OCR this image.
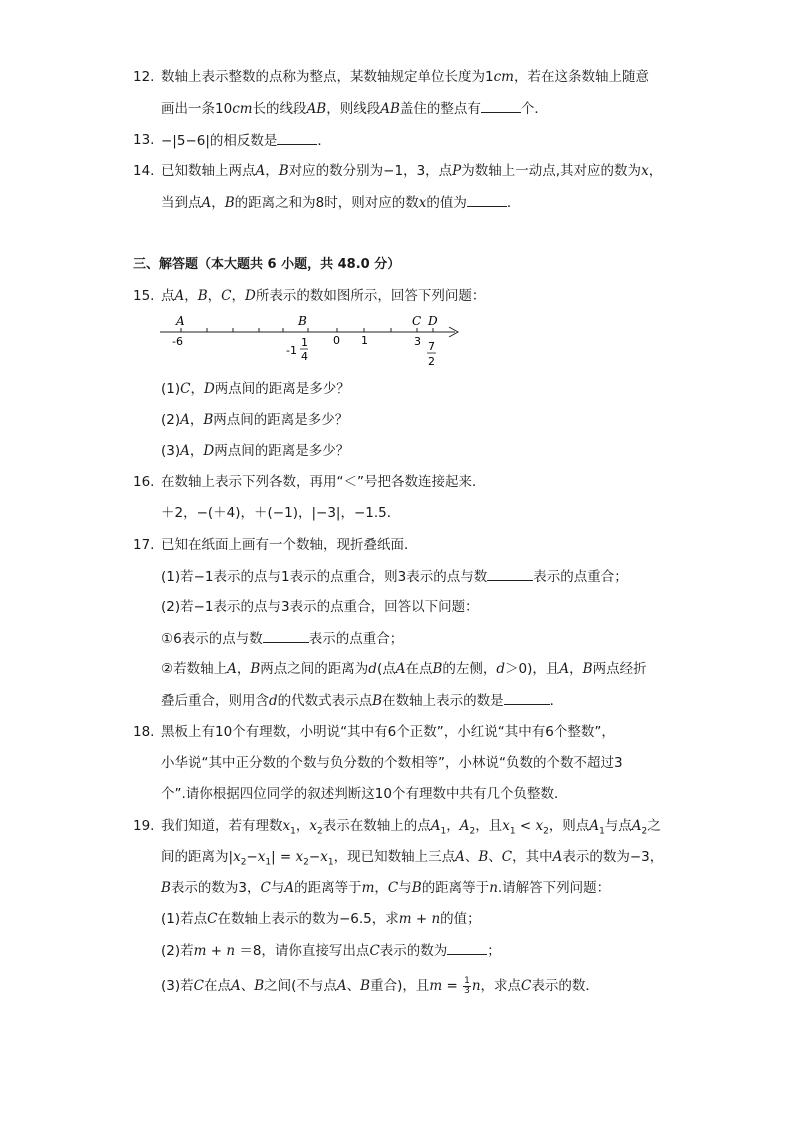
12. 数轴上表示整数的点称为整点，某数轴规定单位长度为1cm，若在这条数轴上随意
画出一条10cm长的线段AB，则线段AB盖住的整点有	个．
13. −|5−6|的相反数是	．
14. 已知数轴上两点A，B对应的数分别为−1，3，点P为数轴上一动点,其对应的数为x，
当到点A，B的距离之和为8时，则对应的数x的值为	．
三、解答题（本大题共 6 小题，共 48.0 分）
15. 点A，B，C，D所表示的数如图所示，回答下列问题：
A	B	C D
-6
-1
1
4
0 1	3 7
2
(1)C，D两点间的距离是多少？
(2)A，B两点间的距离是多少？
(3)A，D两点间的距离是多少？
16. 在数轴上表示下列各数，再用“＜”号把各数连接起来．
＋2，−(＋4)，＋(−1)，|−3|，−1.5．
17. 已知在纸面上画有一个数轴，现折叠纸面．
(1)若−1表示的点与1表示的点重合，则3表示的点与数	表示的点重合；
(2)若−1表示的点与3表示的点重合，回答以下问题：
①6表示的点与数	表示的点重合；
②若数轴上A，B两点之间的距离为d(点A在点B的左侧，d＞0)，且A，B两点经折
叠后重合，则用含d的代数式表示点B在数轴上表示的数是	．
18. 黑板上有10个有理数，小明说“其中有6个正数”，小红说“其中有6个整数”，
小华说“其中正分数的个数与负分数的个数相等”，小林说“负数的个数不超过3
个”.请你根据四位同学的叙述判断这10个有理数中共有几个负整数．
19. 我们知道，若有理数$x_1$，$x_2$表示在数轴上的点$A_1$，$A_2$，且$x_1 < x_2$，则点$A_1$与点$A_2$之
间的距离为$|x_2-x_1| = x_2-x_1$，现已知数轴上三点A、B、C，其中A表示的数为−3，
B表示的数为3，C与A的距离等于m，C与B的距离等于n.请解答下列问题：
(1)若点C在数轴上表示的数为−6.5，求m + n的值；
(2)若m + n ＝8，请你直接写出点C表示的数为	；
(3)若C在点A、B之间(不与点A、B重合)，且$m = \frac{1}{3}$ n，求点C表示的数．
